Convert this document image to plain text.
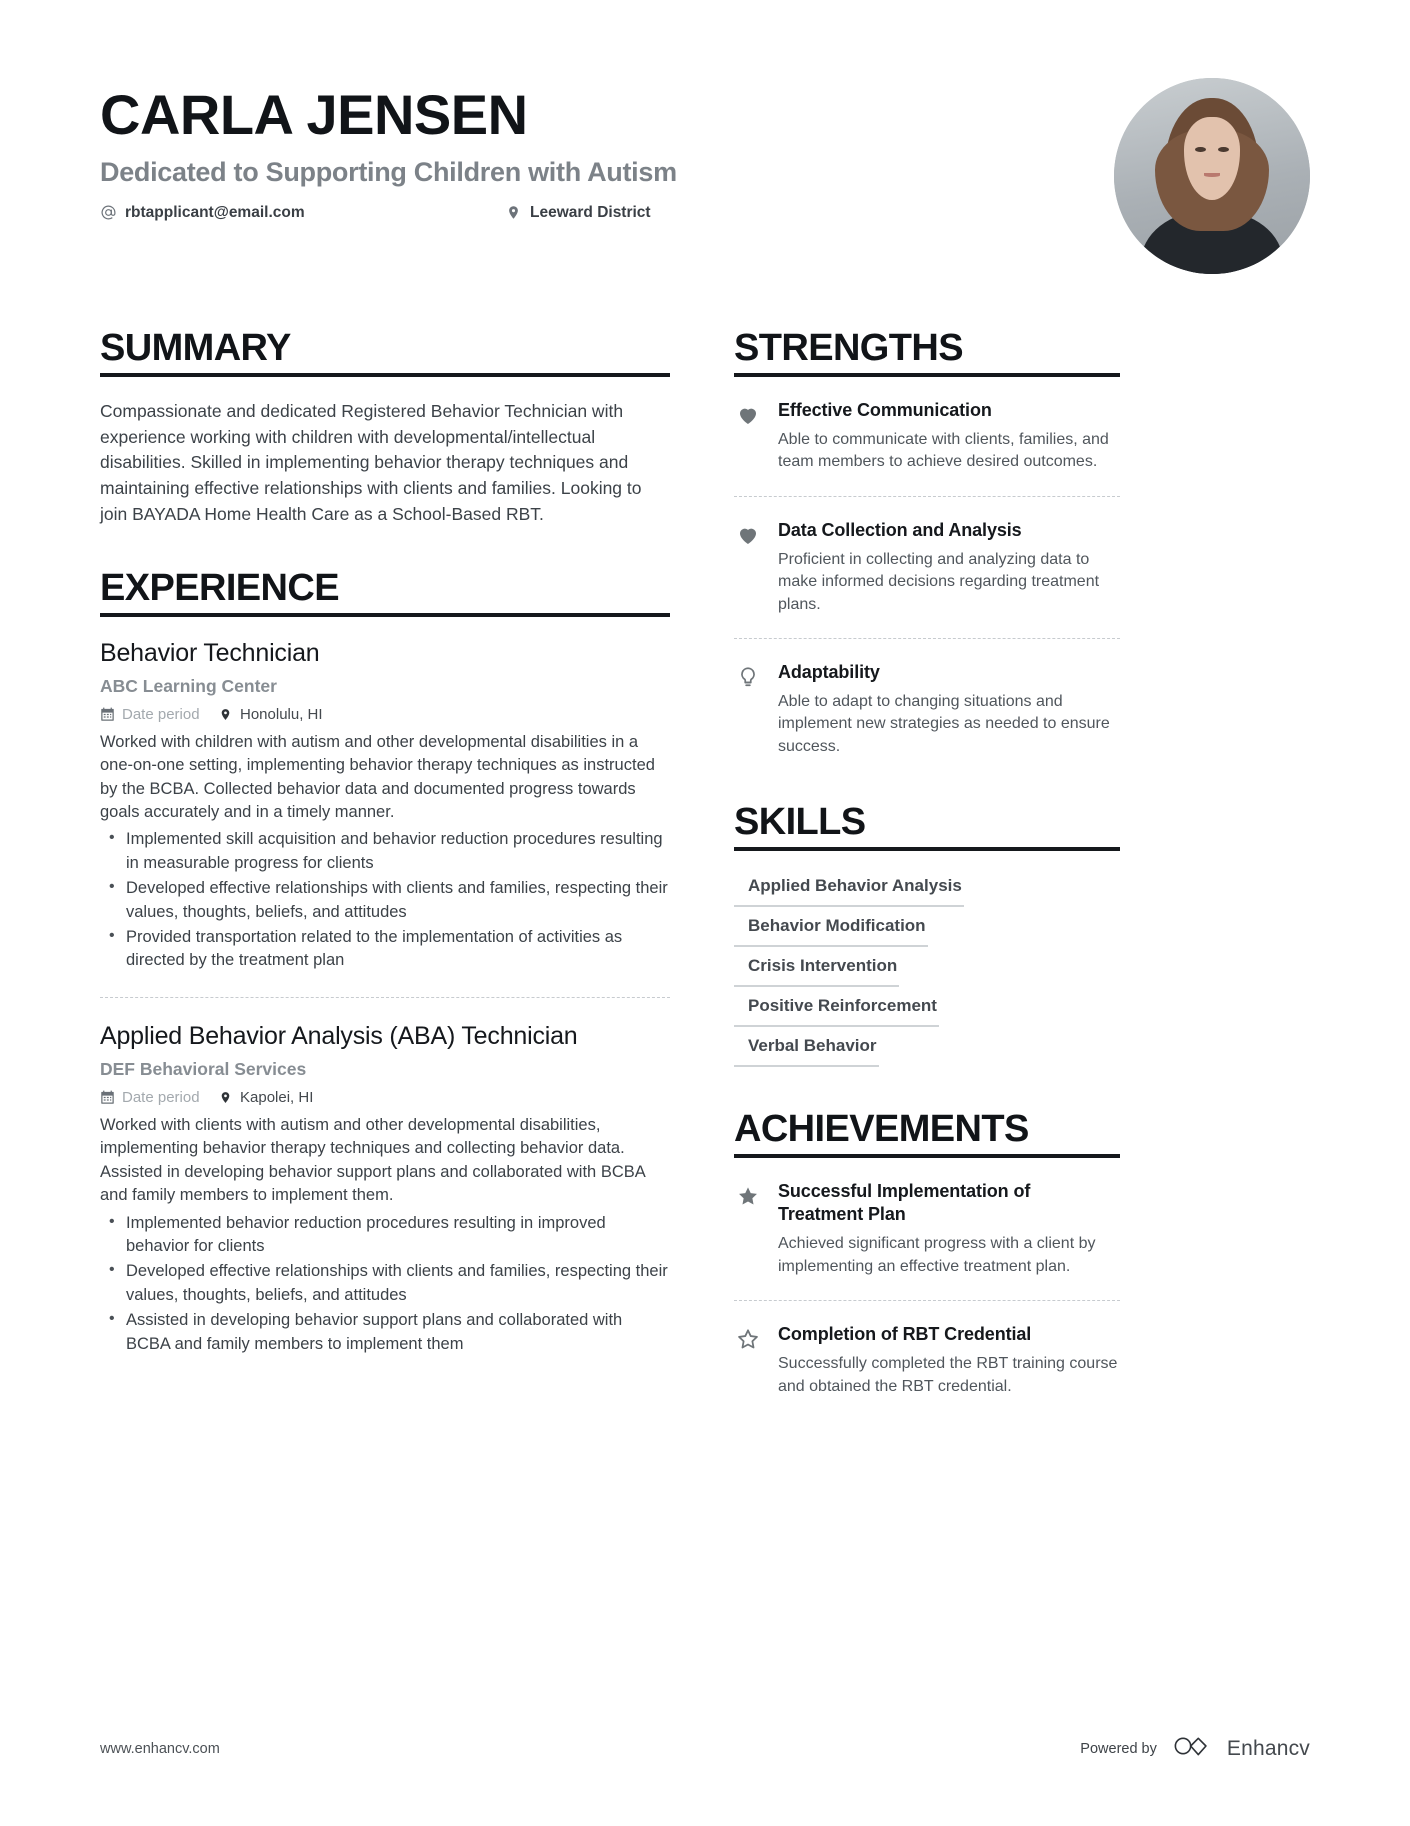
CARLA JENSEN
Dedicated to Supporting Children with Autism
rbtapplicant@email.com	Leeward District
SUMMARY
Compassionate and dedicated Registered Behavior Technician with experience working with children with developmental/intellectual disabilities. Skilled in implementing behavior therapy techniques and maintaining effective relationships with clients and families. Looking to join BAYADA Home Health Care as a School-Based RBT.
EXPERIENCE
Behavior Technician
ABC Learning Center
Date period	Honolulu, HI
Worked with children with autism and other developmental disabilities in a one-on-one setting, implementing behavior therapy techniques as instructed by the BCBA. Collected behavior data and documented progress towards goals accurately and in a timely manner.
• Implemented skill acquisition and behavior reduction procedures resulting in measurable progress for clients
• Developed effective relationships with clients and families, respecting their values, thoughts, beliefs, and attitudes
• Provided transportation related to the implementation of activities as directed by the treatment plan
Applied Behavior Analysis (ABA) Technician
DEF Behavioral Services
Date period	Kapolei, HI
Worked with clients with autism and other developmental disabilities, implementing behavior therapy techniques and collecting behavior data. Assisted in developing behavior support plans and collaborated with BCBA and family members to implement them.
• Implemented behavior reduction procedures resulting in improved behavior for clients
• Developed effective relationships with clients and families, respecting their values, thoughts, beliefs, and attitudes
• Assisted in developing behavior support plans and collaborated with BCBA and family members to implement them
STRENGTHS
Effective Communication
Able to communicate with clients, families, and team members to achieve desired outcomes.
Data Collection and Analysis
Proficient in collecting and analyzing data to make informed decisions regarding treatment plans.
Adaptability
Able to adapt to changing situations and implement new strategies as needed to ensure success.
SKILLS
Applied Behavior Analysis
Behavior Modification
Crisis Intervention
Positive Reinforcement
Verbal Behavior
ACHIEVEMENTS
Successful Implementation of Treatment Plan
Achieved significant progress with a client by implementing an effective treatment plan.
Completion of RBT Credential
Successfully completed the RBT training course and obtained the RBT credential.
www.enhancv.com	Powered by	Enhancv
